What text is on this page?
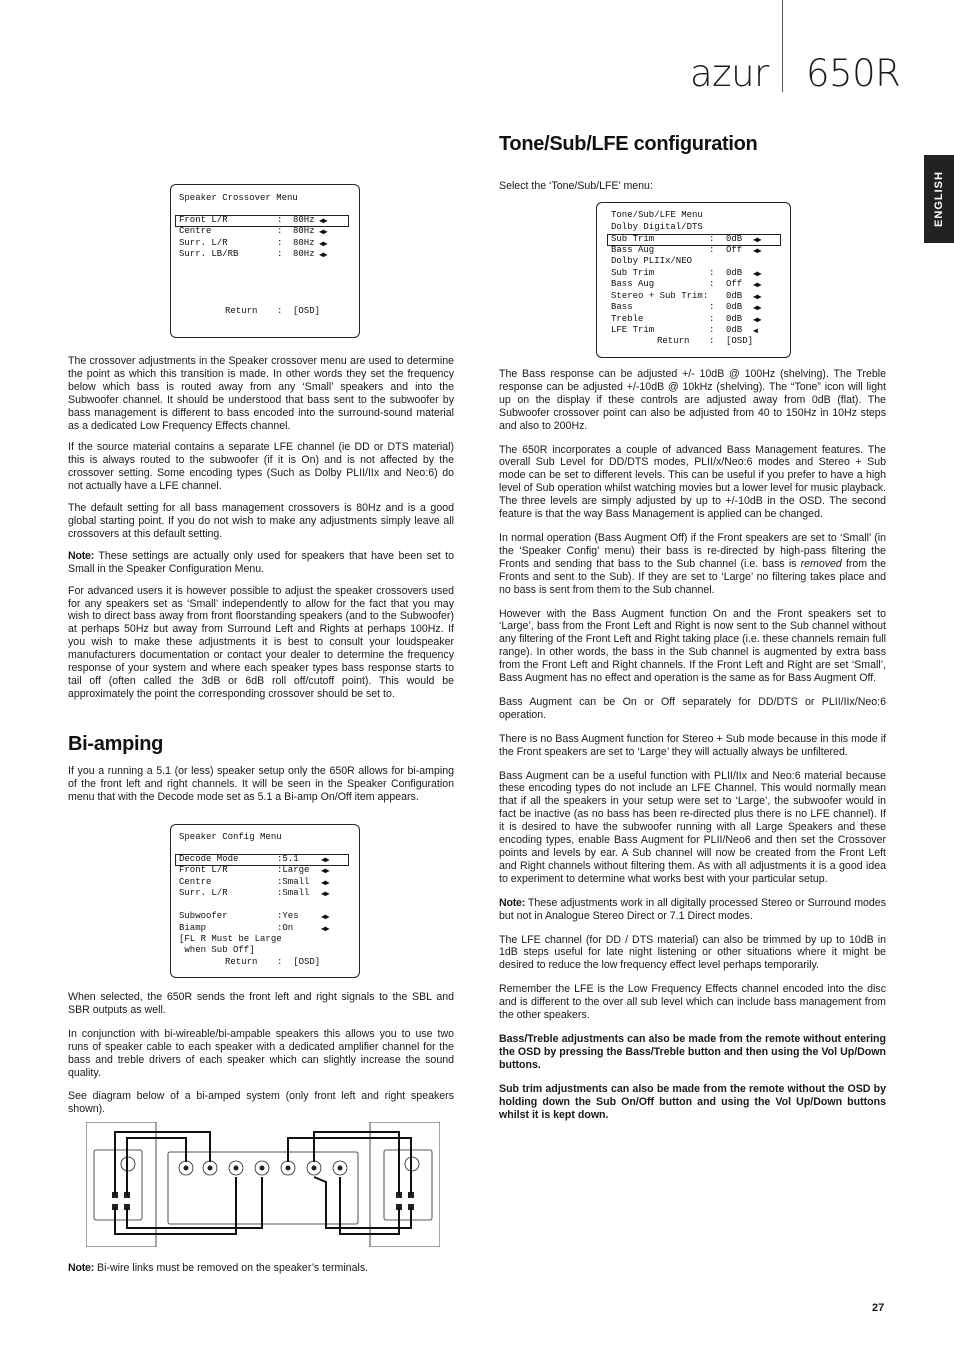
azur 650R
ENGLISH
Speaker Crossover Menu
Front L/R	: 80Hz ◀▶
Centre	: 80Hz ◀▶
Surr. L/R	: 80Hz ◀▶
Surr. LB/RB	: 80Hz ◀▶
Return : [OSD]

The crossover adjustments in the Speaker crossover menu are used to determine the point as which this transition is made. In other words they set the frequency below which bass is routed away from any ‘Small’ speakers and into the Subwoofer channel. It should be understood that bass sent to the subwoofer by bass management is different to bass encoded into the surround-sound material as a dedicated Low Frequency Effects channel.

If the source material contains a separate LFE channel (ie DD or DTS material) this is always routed to the subwoofer (if it is On) and is not affected by the crossover setting. Some encoding types (Such as Dolby PLII/IIx and Neo:6) do not actually have a LFE channel.

The default setting for all bass management crossovers is 80Hz and is a good global starting point. If you do not wish to make any adjustments simply leave all crossovers at this default setting.

Note: These settings are actually only used for speakers that have been set to Small in the Speaker Configuration Menu.

For advanced users it is however possible to adjust the speaker crossovers used for any speakers set as ‘Small’ independently to allow for the fact that you may wish to direct bass away from front floorstanding speakers (and to the Subwoofer) at perhaps 50Hz but away from Surround Left and Rights at perhaps 100Hz. If you wish to make these adjustments it is best to consult your loudspeaker manufacturers documentation or contact your dealer to determine the frequency response of your system and where each speaker types bass response starts to tail off (often called the 3dB or 6dB roll off/cutoff point). This would be approximately the point the corresponding crossover should be set to.

Bi-amping

If you a running a 5.1 (or less) speaker setup only the 650R allows for bi-amping of the front left and right channels. It will be seen in the Speaker Configuration menu that with the Decode mode set as 5.1 a Bi-amp On/Off item appears.

Speaker Config Menu
Decode Mode	:5.1	◀▶
Front L/R	:Large ◀▶
Centre	:Small ◀▶
Surr. L/R	:Small ◀▶
Subwoofer	:Yes	◀▶
Biamp	:On	◀▶
[FL R Must be Large
when Sub Off]
Return :  [OSD]

When selected, the 650R sends the front left and right signals to the SBL and SBR outputs as well.

In conjunction with bi-wireable/bi-ampable speakers this allows you to use two runs of speaker cable to each speaker with a dedicated amplifier channel for the bass and treble drivers of each speaker which can slightly increase the sound quality.

See diagram below of a bi-amped system (only front left and right speakers shown).

Note: Bi-wire links must be removed on the speaker’s terminals.
Tone/Sub/LFE configuration
Select the ‘Tone/Sub/LFE’ menu:
Tone/Sub/LFE Menu
Dolby Digital/DTS
Sub Trim	: 0dB ◀▶
Bass Aug	: Off ◀▶
Dolby PLIIx/NEO
Sub Trim	: 0dB ◀▶
Bass Aug	: Off ◀▶
Stereo + Sub Trim: 0dB ◀▶
Bass	: 0dB ◀▶
Treble	: 0dB ◀▶
LFE Trim	: 0dB ◀
Return : [OSD]

The Bass response can be adjusted +/- 10dB @ 100Hz (shelving). The Treble response can be adjusted +/-10dB @ 10kHz (shelving). The “Tone” icon will light up on the display if these controls are adjusted away from 0dB (flat). The Subwoofer crossover point can also be adjusted from 40 to 150Hz in 10Hz steps and also to 200Hz.

The 650R incorporates a couple of advanced Bass Management features. The overall Sub Level for DD/DTS modes, PLII/x/Neo:6 modes and Stereo + Sub mode can be set to different levels. This can be useful if you prefer to have a high level of Sub operation whilst watching movies but a lower level for music playback. The three levels are simply adjusted by up to +/-10dB in the OSD. The second feature is that the way Bass Management is applied can be changed.

In normal operation (Bass Augment Off) if the Front speakers are set to ‘Small’ (in the ‘Speaker Config’ menu) their bass is re-directed by high-pass filtering the Fronts and sending that bass to the Sub channel (i.e. bass is removed from the Fronts and sent to the Sub). If they are set to ‘Large’ no filtering takes place and no bass is sent from them to the Sub channel.

However with the Bass Augment function On and the Front speakers set to ‘Large’, bass from the Front Left and Right is now sent to the Sub channel without any filtering of the Front Left and Right taking place (i.e. these channels remain full range). In other words, the bass in the Sub channel is augmented by extra bass from the Front Left and Right channels. If the Front Left and Right are set ‘Small’, Bass Augment has no effect and operation is the same as for Bass Augment Off.

Bass Augment can be On or Off separately for DD/DTS or PLII/IIx/Neo:6 operation.

There is no Bass Augment function for Stereo + Sub mode because in this mode if the Front speakers are set to ‘Large’ they will actually always be unfiltered.

Bass Augment can be a useful function with PLII/IIx and Neo:6 material because these encoding types do not include an LFE Channel. This would normally mean that if all the speakers in your setup were set to ‘Large’, the subwoofer would in fact be inactive (as no bass has been re-directed plus there is no LFE channel). If it is desired to have the subwoofer running with all Large Speakers and these encoding types, enable Bass Augment for PLII/Neo6 and then set the Crossover points and levels by ear. A Sub channel will now be created from the Front Left and Right channels without filtering them. As with all adjustments it is a good idea to experiment to determine what works best with your particular setup.

Note: These adjustments work in all digitally processed Stereo or Surround modes but not in Analogue Stereo Direct or 7.1 Direct modes.

The LFE channel (for DD / DTS material) can also be trimmed by up to 10dB in 1dB steps useful for late night listening or other situations where it might be desired to reduce the low frequency effect level perhaps temporarily.

Remember the LFE is the Low Frequency Effects channel encoded into the disc and is different to the over all sub level which can include bass management from the other speakers.

Bass/Treble adjustments can also be made from the remote without entering the OSD by pressing the Bass/Treble button and then using the Vol Up/Down buttons.

Sub trim adjustments can also be made from the remote without the OSD by holding down the Sub On/Off button and using the Vol Up/Down buttons whilst it is kept down.

27
